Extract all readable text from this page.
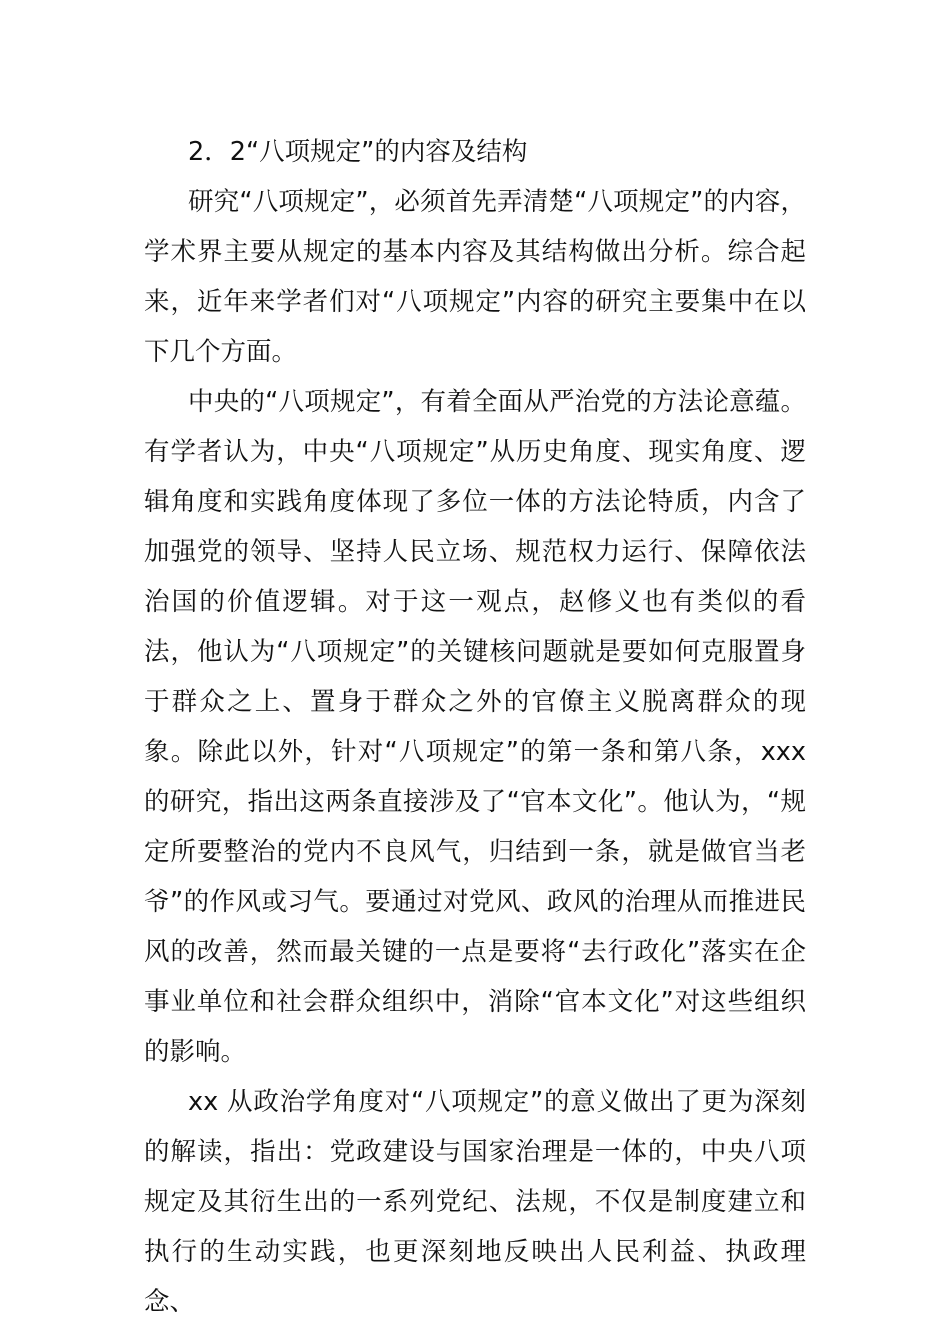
2．2“八项规定”的内容及结构

研究“八项规定”，必须首先弄清楚“八项规定”的内容，学术界主要从规定的基本内容及其结构做出分析。综合起来，近年来学者们对“八项规定”内容的研究主要集中在以下几个方面。

中央的“八项规定”，有着全面从严治党的方法论意蕴。有学者认为，中央“八项规定”从历史角度、现实角度、逻辑角度和实践角度体现了多位一体的方法论特质，内含了加强党的领导、坚持人民立场、规范权力运行、保障依法治国的价值逻辑。对于这一观点，赵修义也有类似的看法，他认为“八项规定”的关键核问题就是要如何克服置身于群众之上、置身于群众之外的官僚主义脱离群众的现象。除此以外，针对“八项规定”的第一条和第八条，xxx 的研究，指出这两条直接涉及了“官本文化”。他认为，“规定所要整治的党内不良风气，归结到一条，就是做官当老爷”的作风或习气。要通过对党风、政风的治理从而推进民风的改善，然而最关键的一点是要将“去行政化”落实在企事业单位和社会群众组织中，消除“官本文化”对这些组织的影响。

xx 从政治学角度对“八项规定”的意义做出了更为深刻的解读，指出：党政建设与国家治理是一体的，中央八项规定及其衍生出的一系列党纪、法规，不仅是制度建立和执行的生动实践，也更深刻地反映出人民利益、执政理念、
